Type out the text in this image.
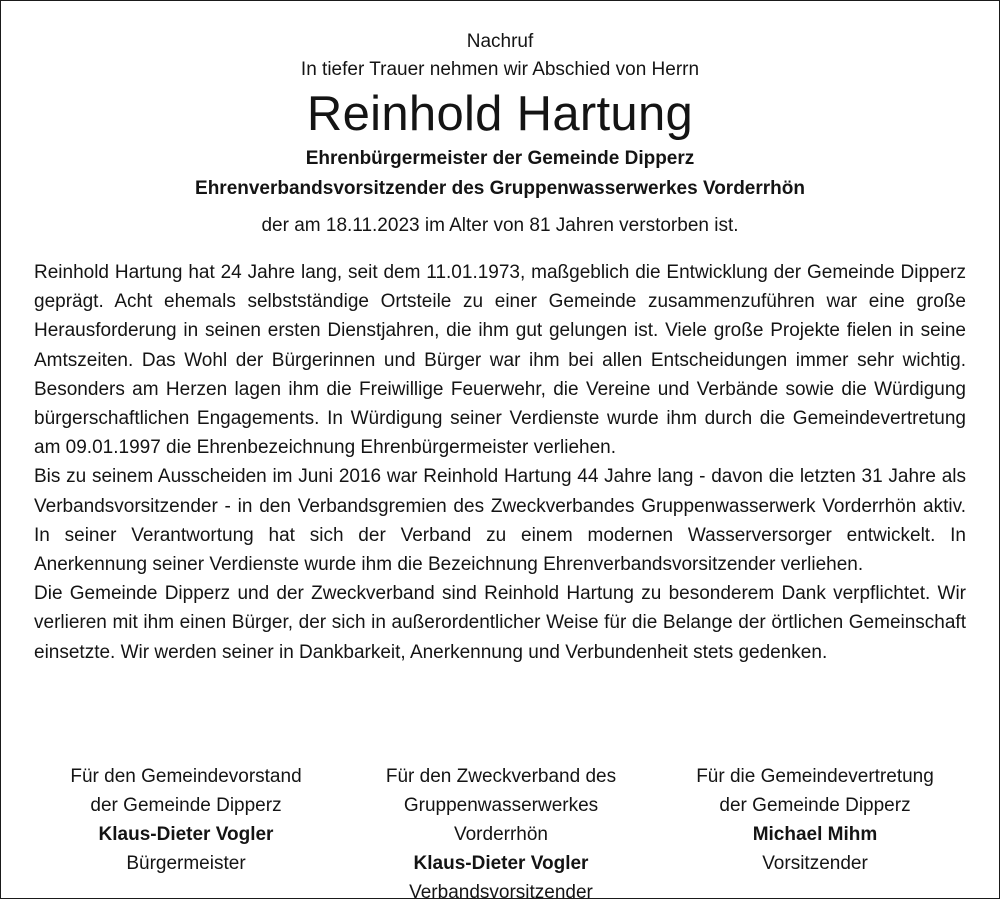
Nachruf
In tiefer Trauer nehmen wir Abschied von Herrn
Reinhold Hartung
Ehrenbürgermeister der Gemeinde Dipperz
Ehrenverbandsvorsitzender des Gruppenwasserwerkes Vorderrhön
der am 18.11.2023 im Alter von 81 Jahren verstorben ist.

Reinhold Hartung hat 24 Jahre lang, seit dem 11.01.1973, maßgeblich die Entwicklung der Gemeinde Dipperz geprägt. Acht ehemals selbstständige Ortsteile zu einer Gemeinde zusammenzuführen war eine große Herausforderung in seinen ersten Dienstjahren, die ihm gut gelungen ist. Viele große Projekte fielen in seine Amtszeiten. Das Wohl der Bürgerinnen und Bürger war ihm bei allen Entscheidungen immer sehr wichtig. Besonders am Herzen lagen ihm die Freiwillige Feuerwehr, die Vereine und Verbände sowie die Würdigung bürgerschaftlichen Engagements. In Würdigung seiner Verdienste wurde ihm durch die Gemeindevertretung am 09.01.1997 die Ehrenbezeichnung Ehrenbürgermeister verliehen.

Bis zu seinem Ausscheiden im Juni 2016 war Reinhold Hartung 44 Jahre lang - davon die letzten 31 Jahre als Verbandsvorsitzender - in den Verbandsgremien des Zweckverbandes Gruppenwasserwerk Vorderrhön aktiv. In seiner Verantwortung hat sich der Verband zu einem modernen Wasserversorger entwickelt. In Anerkennung seiner Verdienste wurde ihm die Bezeichnung Ehrenverbandsvorsitzender verliehen.

Die Gemeinde Dipperz und der Zweckverband sind Reinhold Hartung zu besonderem Dank verpflichtet. Wir verlieren mit ihm einen Bürger, der sich in außerordentlicher Weise für die Belange der örtlichen Gemeinschaft einsetzte. Wir werden seiner in Dankbarkeit, Anerkennung und Verbundenheit stets gedenken.

Für den Gemeindevorstand
der Gemeinde Dipperz
Klaus-Dieter Vogler
Bürgermeister
Für den Zweckverband des
Gruppenwasserwerkes Vorderrhön
Klaus-Dieter Vogler
Verbandsvorsitzender
Für die Gemeindevertretung
der Gemeinde Dipperz
Michael Mihm
Vorsitzender
